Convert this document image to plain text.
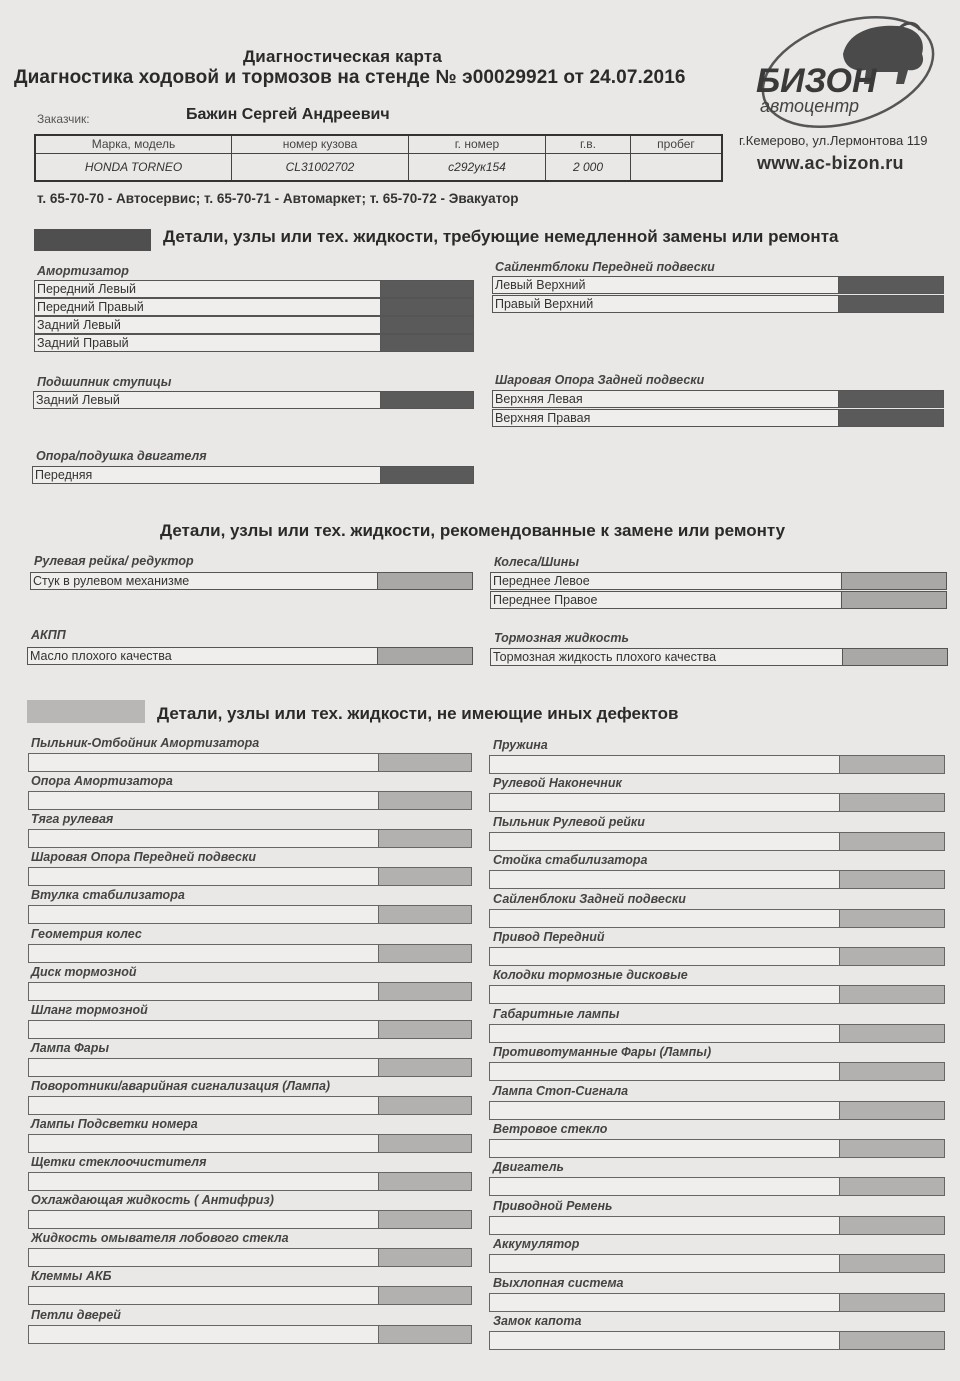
Диагностическая карта
Диагностика ходовой и тормозов на стенде № э00029921 от 24.07.2016
Заказчик:	Бажин Сергей Андреевич
Марка, модель
HONDA TORNEO
номер кузова
CL31002702
г. номер
с292ук154
г.в.
2 000
пробег
т. 65-70-70 - Автосервис; т. 65-70-71 - Автомаркет; т. 65-70-72 - Эвакуатор
БИЗОН
автоцентр
г.Кемерово, ул.Лермонтова 119
www.ac-bizon.ru
Детали, узлы или тех. жидкости, требующие немедленной замены или ремонта
Амортизатор
Передний Левый
Передний Правый
Задний Левый
Задний Правый
Сайлентблоки Передней подвески
Левый Верхний
Правый Верхний
Подшипник ступицы
Задний Левый
Шаровая Опора Задней подвески
Верхняя Левая
Верхняя Правая
Опора/подушка двигателя
Передняя
Детали, узлы или тех. жидкости, рекомендованные к замене или ремонту
Рулевая рейка/ редуктор
Стук в рулевом механизме
Колеса/Шины
Переднее Левое
Переднее Правое
АКПП
Масло плохого качества
Тормозная жидкость
Тормозная жидкость плохого качества
Детали, узлы или тех. жидкости, не имеющие иных дефектов
Пыльник-Отбойник Амортизатора
Опора Амортизатора
Тяга рулевая
Шаровая Опора Передней подвески
Втулка стабилизатора
Геометрия колес
Диск тормозной
Шланг тормозной
Лампа Фары
Поворотники/аварийная сигнализация (Лампа)
Лампы Подсветки номера
Щетки стеклоочистителя
Охлаждающая жидкость ( Антифриз)
Жидкость омывателя лобового стекла
Клеммы АКБ
Петли дверей
Пружина
Рулевой Наконечник
Пыльник Рулевой рейки
Стойка стабилизатора
Сайленблоки Задней подвески
Привод Передний
Колодки тормозные дисковые
Габаритные лампы
Противотуманные Фары (Лампы)
Лампа Стоп-Сигнала
Ветровое стекло
Двигатель
Приводной Ремень
Аккумулятор
Выхлопная система
Замок капота
